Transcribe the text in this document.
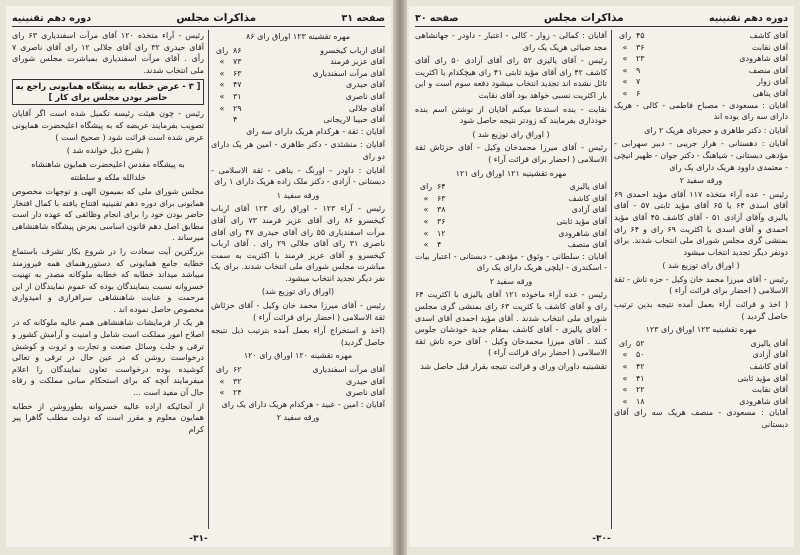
صفحه ۳۱
مذاکرات مجلس
دوره دهم تقنینیه

رئیس - آراء متخذه ۱۲۰ آقای مرآت اسفندیاری ۶۳ رای آقای حیدری ۳۲ رای آقای جلالی ۱۲ رای آقای ناصری ۷ رأی . آقای مرآت اسفندیاری بمباشرت مجلس شورای ملی انتخاب شدند.

[ ۳ - عرض خطابه به پیشگاه همایونی راجع به حاضر بودن مجلس برای کار ]

رئیس - چون هیئت رئیسه تکمیل شده است اگر آقایان تصویب بفرمایند عریضه که به پیشگاه اعلیحضرت همایونی عرض شده است قرائت شود ( صحیح است )

( بشرح ذیل خوانده شد )
به پیشگاه مقدس اعلیحضرت همایون شاهنشاه
خلدالله ملکه و سلطنته

مجلس شورای ملی که بمیمون الهی و توجهات مخصوص همایونی برای دوره دهم تقنینیه افتتاح یافته با کمال افتخار حاضر بودن خود را برای انجام وظائفی که عهده دار است مطابق اصل دهم قانون اساسی بعرض پیشگاه شاهنشاهی میرساند .

بزرگترین آیت سعادت را در شروع بکار تشرف باستماع خطابه جامع همایونی که دستوررهنمای همه فیروزمند میباشد میداند خطابه که خطابه ملوکانه مصدر به تهنیت خسروانه نسبت بنمایندگان بوده که عموم نمایندگان از این مرحمت و عنایت شاهنشاهی سرافرازی و امیدواری مخصوص حاصل نموده اند .

هر یک ار فرمایشات شاهنشاهی همم عالیه ملوکانه که در اصلاح امور مملکت است شامل و امنیت و آرامش کشور و ترقی و جلب وسائل صنعت و تجارت و ثروت و کوشش درخواست روشن که در عین حال در ترقی و تعالی کوشیده بوده درخواست تعاون نمایندگان را اعلام میفرمایند آنچه که برای استحکام مبانی مملکت و رفاه حال آن مفید است ...

از آنجائیکه اراده عالیه خسروانه بطوروشن از خطابه همایون معلوم و مقرر است که دولت مطلب گاهرا پیر کرام

مهره تقشینه ۱۲۳ اوراق رای ۸۶
آقای ارباب کیخسرو
۸۶
رای
آقای عزیز فرمند
۷۳
»
آقای مرآت اسفندیاری
۶۳
»
آقای حیدری
۴۷
»
آقای ناصری
۳۱
»
آقای جلالی
۲۹
»
آقای حبیبا لاریجانی
۴

آقایان : ثقة - هرکدام هریک دارای سه رای

آقایان : منشئدی - دکتر طاهری - امین هر یک دارای دو رای

آقایان : داودر - اورنگ - یناهی - ثقة الاسلامی - دبستانی - آزادی - دکتر ملک زاده هریک دارای ۱ رای

ورقه سفید ۱

رئیس - آراء ۱۲۳ - اوراق رای ۱۲۳ آقای ارباب کیخسرو ۸۶ رای آقای عزیز فرمند ۷۳ رای آقای مرآت اسفندیاری ۵۵ رای آقای حیدری ۴۷ رای آقای ناصری ۳۱ رای آقای جلالی ۲۹ رای . آقای ارباب کیخسرو و آقای عزیز فرمند با اکثریت به سمت مباشرت مجلس شورای ملی انتخاب شدند. برای یک نفر دیگر تجدید انتخاب میشود.

(اوراق رای توزیع شد)

رئیس - آقای میرزا محمد خان وکیل - آقای حزئاش ثقة الاسلامی ( احضار برای قرائت آراء )

(اخذ و استخراج آراء بعمل آمده بترتیب ذیل نتیجه حاصل گردید)

مهره تقشینه ۱۲۰ اوراق رای ۱۲۰
آقای مرآت اسفندیاری
۶۲
رای
آقای حیدری
۳۲
»
آقای ناصری
۲۴
»

آقایان : امین - عبید - هرکدام هریک دارای یک رای

ورقه سفید ۲
-۳۱-
دوره دهم تقنینیه
مذاکرات مجلس
صفحه ۳۰

آقایان : کمالی - زوار - کالی - اعتبار - داودر - جهانشاهی مجد ضیائی هریک یک رای

رئیس - آقای یالیزی ۵۲ رای آقای آزادی ۵۰ رای آقای کاشف ۴۲ رای آقای مؤید ثابتی ۴۱ رای هیچکدام با اکثریت تائل نشده اند تجدید انتخاب میشود دفعه سوم است و این بار اکثریت نسبی خواهد بود آقای نقابت

نقابت - بنده استدعا میکنم آقایان از نوشتن اسم بنده خودداری بفرمایند که زودتر نتیجه حاصل شود

( اوراق رای توزیع شد )

رئیس - آقای میرزا محمدخان وکیل - آقای حزئاش ثقة الاسلامی ( احضار برای قرائت آراء )

مهره تقشینیه ۱۲۱ اوراق رای ۱۲۱
آقای یالیزی
۶۴
رای
آقای کاشف
۶۳
»
آقای آزادی
۳۸
»
آقای مؤید ثابتی
۳۶
»
آقای شاهرودی
۱۲
»
آقای منصف
۴
»

آقایان : سلطانی - وثوق - مؤدهی - دبستانی - اعتبار بیات - اسکندری - ایلچی هریک دارای یک رای

ورقه سفید ۲

رئیس - عده آراء ماخوذه ۱۲۱ آقای یالیزی با اکثریت ۶۴ رای و آقای کاشف با کثریت ۶۳ رای بمنشی گری مجلس شورای ملی انتخاب شدند . آقای مؤید احمدی آقای اسدی - آقای یالیزی - آقای کاشف بمقام جدید خودشان جلوس کنند . آقای میرزا محمدخان وکیل - آقای حزه تاش ثقة الاسلامی ( احضار برای قرائت آراء )

تقشینیه داوران ورای و قرائت نتیجه بقرار قبل حاصل شد

آقای کاشف
۴۵
رای
آقای نقابت
۳۶
»
آقای شاهرودی
۲۳
»
آقای منصف
۹
»
آقای زوار
۷
»
آقای یناهی
۶
»

آقایان : مسعودی - مصباح فاطمی - کالی - هریک دارای سه رای بوده اند

آقایان : دکتر طاهری و حجرتای هریک ۲ رای

آقایان : دهستانی - هراز جریبی - دبیر سهرابی - مؤدهی دبستانی - شیاهنگ - دکتر جوان - ظهیر انیچی - معتمدی داوود هریک دارای یک رای

ورقه سفید ۲

رئیس - عده آراء متخذه ۱۱۷ آقای مؤید احمدی ۶۹ آقای اسدی ۶۴ یا ۶۵ آقای مؤید ثابتی ۵۷ - آقای یالیزی وآقای آزادی ۵۱ - آقای کاشف ۴۵ آقای مؤید احمدی و آقای اسدی با اکثریت ۶۹ رای و ۶۴ رای بمنشی گری مجلس شورای ملی انتخاب شدند. برای دونفر دیگر تجدید انتخاب میشود

( اوراق رای توزیع شد )

رئیس - آقای میرزا محمد خان وکیل - حزه تاش - ثقة الاسلامی ( احضار برای قرائت آراء )

( اخذ و قرائت آراء بعمل آمده نتیجه بدین ترتیب حاصل گردید )

مهره تقشینیه ۱۲۳ اوراق رای ۱۲۳
آقای یالیزی
۵۲
رای
آقای آزادی
۵۰
»
آقای کاشف
۴۲
»
آقای مؤید ثابتی
۴۱
»
آقای نقابت
۲۲
»
آقای شاهرودی
۱۸
»

آقایان : مسعودی - منصف هریک سه رای آقای دبستانی

-۳۰-
